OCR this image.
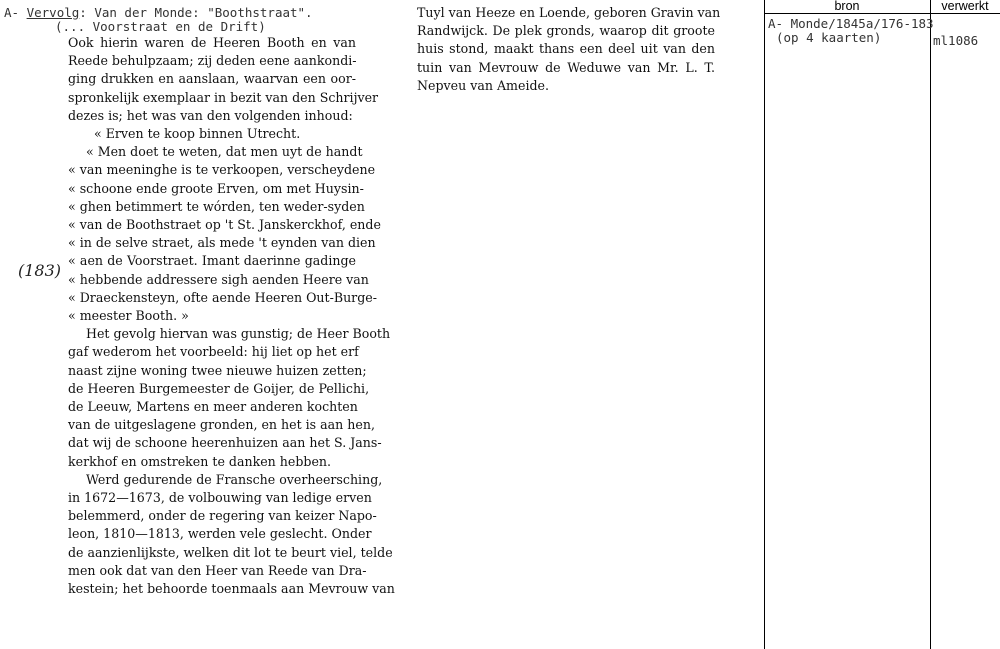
A- Vervolg: Van der Monde: "Boothstraat".
(... Voorstraat en de Drift)
(183)
Ook hierin waren de Heeren Booth en van
Reede behulpzaam; zij deden eene aankondi-
ging drukken en aanslaan, waarvan een oor-
spronkelijk exemplaar in bezit van den Schrijver
dezes is; het was van den volgenden inhoud:
« Erven te koop binnen Utrecht.
« Men doet te weten, dat men uyt de handt
« van meeninghe is te verkoopen, verscheydene
« schoone ende groote Erven, om met Huysin-
« ghen betimmert te wórden, ten weder-syden
« van de Boothstraet op 't St. Janskerckhof, ende
« in de selve straet, als mede 't eynden van dien
« aen de Voorstraet. Imant daerinne gadinge
« hebbende addressere sigh aenden Heere van
« Draeckensteyn, ofte aende Heeren Out-Burge-
« meester Booth. »
Het gevolg hiervan was gunstig; de Heer Booth
gaf wederom het voorbeeld: hij liet op het erf
naast zijne woning twee nieuwe huizen zetten;
de Heeren Burgemeester de Goijer, de Pellichi,
de Leeuw, Martens en meer anderen kochten
van de uitgeslagene gronden, en het is aan hen,
dat wij de schoone heerenhuizen aan het S. Jans-
kerkhof en omstreken te danken hebben.
Werd gedurende de Fransche overheersching,
in 1672—1673, de volbouwing van ledige erven
belemmerd, onder de regering van keizer Napo-
leon, 1810—1813, werden vele geslecht. Onder
de aanzienlijkste, welken dit lot te beurt viel, telde
men ook dat van den Heer van Reede van Dra-
kestein; het behoorde toenmaals aan Mevrouw van
Tuyl van Heeze en Loende, geboren Gravin van
Randwijck. De plek gronds, waarop dit groote
huis stond, maakt thans een deel uit van den
tuin van Mevrouw de Weduwe van Mr. L. T.
Nepveu van Ameide.
bron	verwerkt
A- Monde/1845a/176-183
(op 4 kaarten)	ml1086
